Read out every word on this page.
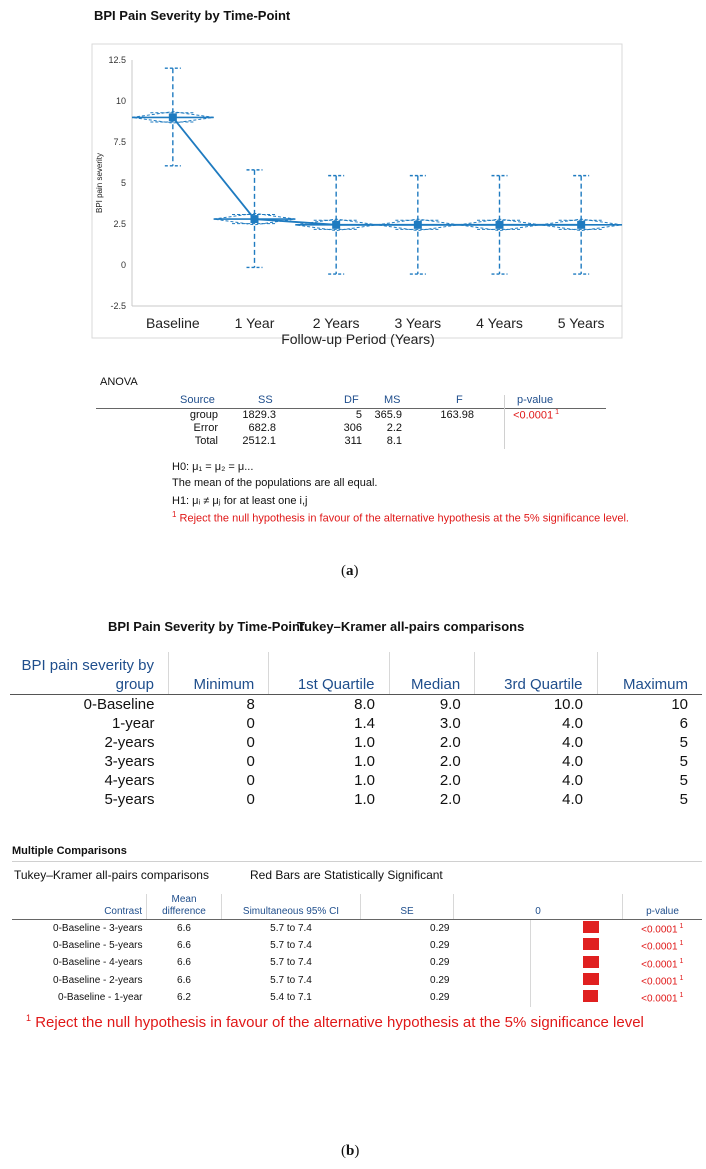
BPI Pain Severity by Time-Point
12.5
10
7.5
5
2.5
0
-2.5
Baseline 1 Year	2 Years 3 Years 4 Years 5 Years
BPI pain severity
Follow-up Period (Years)
ANOVA
Source	SS	DF MS	F	p-value
group	1829.3	5	365.9	163.98	<0.0001 $^1$
Error	682.8	306	2.2
Total	2512.1	311	8.1
H0: μ₁ = μ₂ = μ...
The mean of the populations are all equal.
H1: μᵢ ≠ μⱼ for at least one i,j
$^1$ Reject the null hypothesis in favour of the alternative hypothesis at the 5% significance level.
(a)
BPI Pain Severity by Time-Point
Tukey–Kramer all-pairs comparisons
BPI pain severity by group	Minimum	1st Quartile	Median	3rd Quartile	Maximum
0-Baseline	8	8.0	9.0	10.0	10
1-year	0	1.4	3.0	4.0	6
2-years	0	1.0	2.0	4.0	5
3-years	0	1.0	2.0	4.0	5
4-years	0	1.0	2.0	4.0	5
5-years	0	1.0	2.0	4.0	5
Multiple Comparisons
Tukey–Kramer all-pairs comparisons	Red Bars are Statistically Significant
Contrast	Mean difference	Simultaneous 95% CI	SE	0	p-value
0-Baseline - 3-years	6.6	5.7 to 7.4	0.29		<0.0001 $^1$
0-Baseline - 5-years	6.6	5.7 to 7.4	0.29		<0.0001 $^1$
0-Baseline - 4-years	6.6	5.7 to 7.4	0.29		<0.0001 $^1$
0-Baseline - 2-years	6.6	5.7 to 7.4	0.29		<0.0001 $^1$
0-Baseline - 1-year	6.2	5.4 to 7.1	0.29		<0.0001 $^1$
$^1$ Reject the null hypothesis in favour of the alternative hypothesis at the 5% significance level
(b)
